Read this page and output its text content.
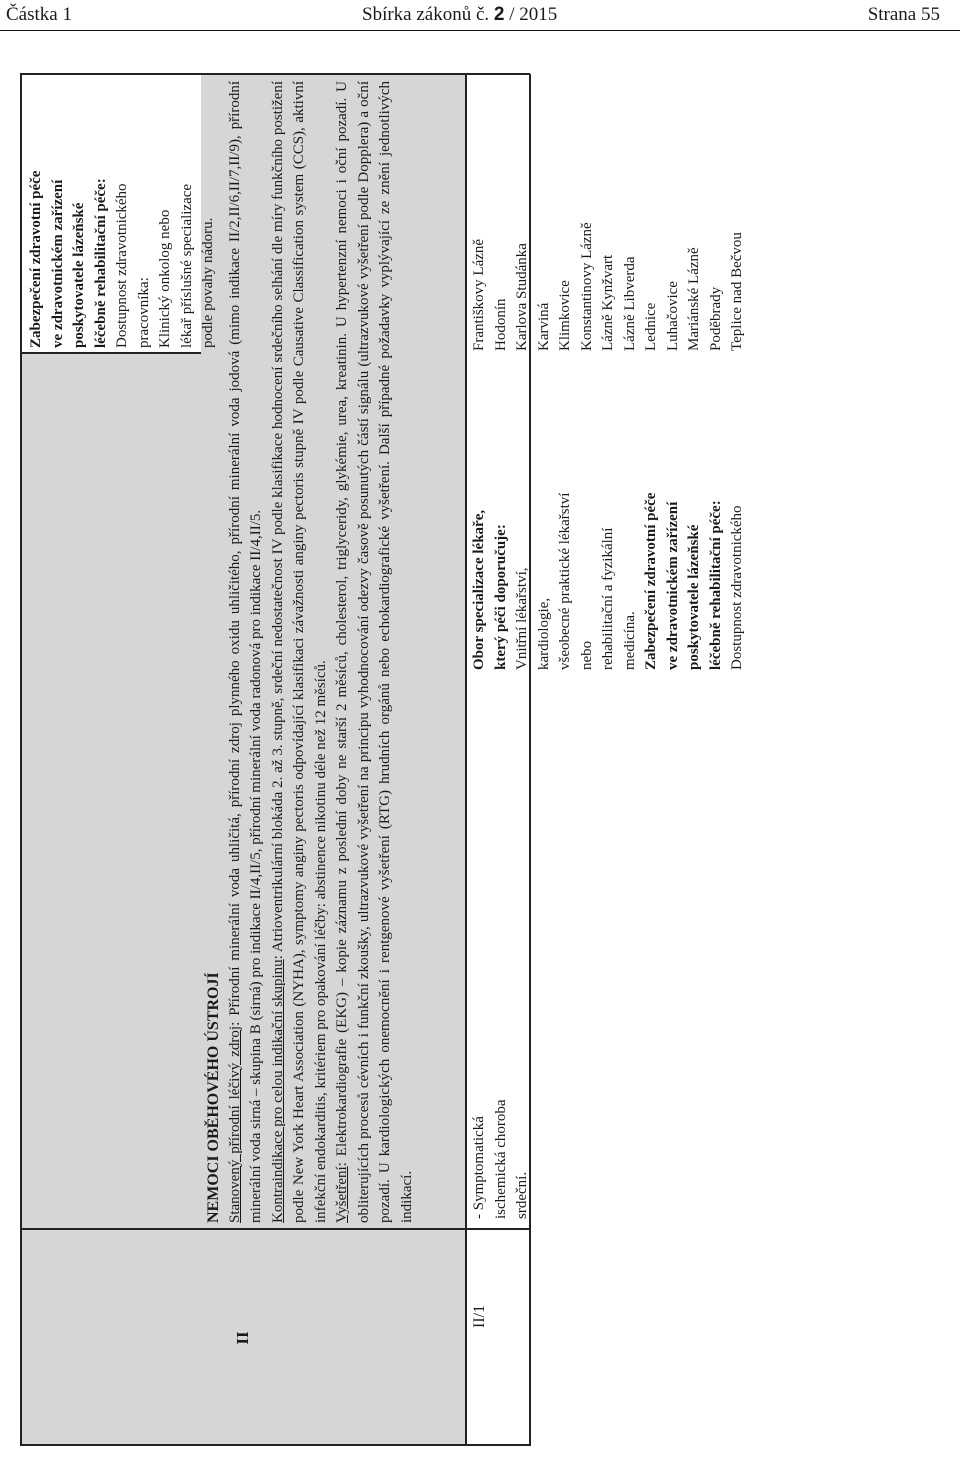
Částka 1	Sbírka zákonů č. 2 / 2015	Strana 55
II
Zabezpečení zdravotní péče ve zdravotnickém zařízení poskytovatele lázeňské léčebně rehabilitační péče: Dostupnost zdravotnického pracovníka: Klinický onkolog nebo lékař příslušné specializace podle povahy nádoru.
NEMOCI OBĚHOVÉHO ÚSTROJÍ Stanovený přírodní léčivý zdroj: Přírodní minerální voda uhličitá, přírodní zdroj plynného oxidu uhličitého, přírodní minerální voda jodová (mimo indikace II/2,II/6,II/7,II/9), přírodní minerální voda sirná – skupina B (sirná) pro indikace II/4,II/5, přírodní minerální voda radonová pro indikace II/4,II/5. Kontraindikace pro celou indikační skupinu: Atrioventrikulární blokáda 2. až 3. stupně, srdeční nedostatečnost IV podle klasifikace hodnocení srdečního selhání dle míry funkčního postižení podle New York Heart Association (NYHA), symptomy anginy pectoris odpovídající klasifikaci závažnosti anginy pectoris stupně IV podle Causative Classification system (CCS), aktivní infekční endokarditis, kritériem pro opakování léčby: abstinence nikotinu déle než 12 měsíců. Vyšetření: Elektrokardiografie (EKG) – kopie záznamu z poslední doby ne starší 2 měsíců, cholesterol, triglyceridy, glykémie, urea, kreatinin. U hypertenzní nemoci i oční pozadí. U obliterujících procesů cévních i funkční zkoušky, ultrazvukové vyšetření na principu vyhodnocování odezvy časově posunutých částí signálu (ultrazvukové vyšetření podle Dopplera) a oční pozadí. U kardiologických onemocnění i rentgenové vyšetření (RTG) hrudních orgánů nebo echokardiografické vyšetření. Další případné požadavky vyplývající ze znění jednotlivých indikací.
II/1
- Symptomatická ischemická choroba srdeční.
Obor specializace lékaře, který péči doporučuje: Vnitřní lékařství, kardiologie, všeobecné praktické lékařství nebo rehabilitační a fyzikální medicína. Zabezpečení zdravotní péče ve zdravotnickém zařízení poskytovatele lázeňské léčebně rehabilitační péče: Dostupnost zdravotnického
Františkovy Lázně Hodonín Karlova Studánka Karviná Klimkovice Konstantinovy Lázně Lázně Kynžvart Lázně Libverda Lednice Luhačovice Mariánské Lázně Poděbrady Teplice nad Bečvou
